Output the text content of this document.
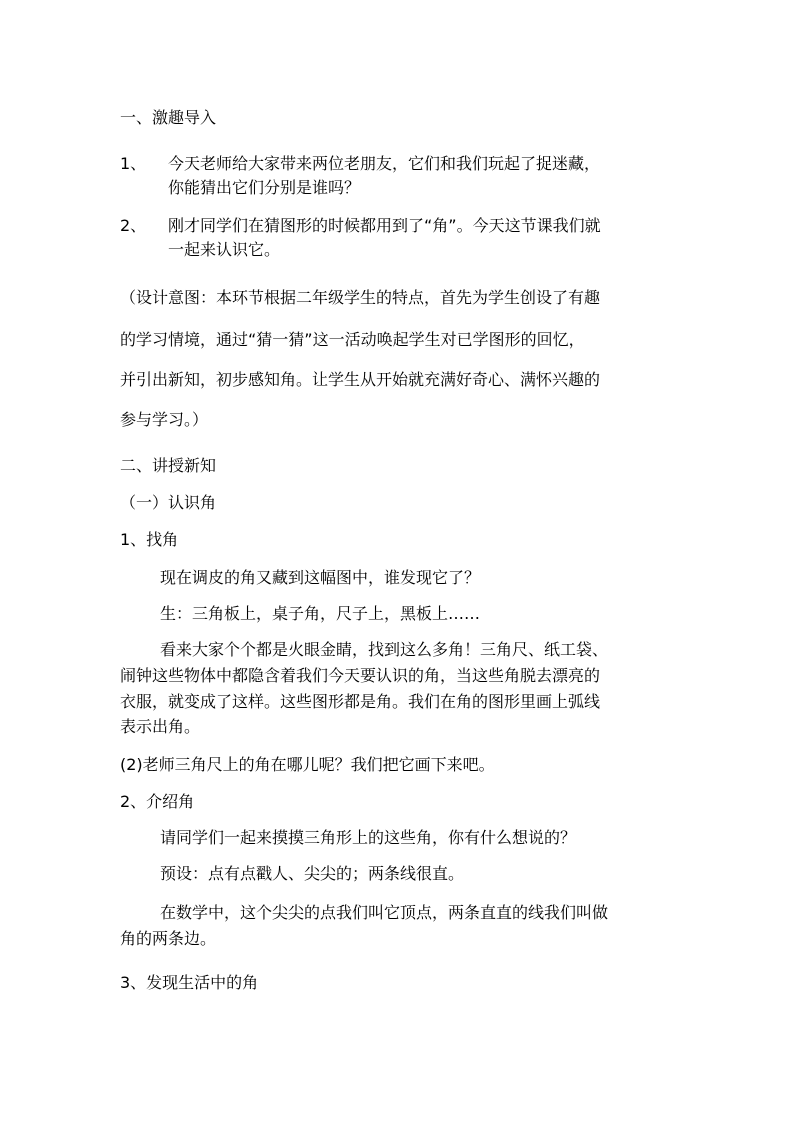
一、激趣导入
1、 今天老师给大家带来两位老朋友，它们和我们玩起了捉迷藏，
你能猜出它们分别是谁吗？
2、 刚才同学们在猜图形的时候都用到了“角”。今天这节课我们就
一起来认识它。
（设计意图：本环节根据二年级学生的特点，首先为学生创设了有趣
的学习情境，通过“猜一猜”这一活动唤起学生对已学图形的回忆，
并引出新知，初步感知角。让学生从开始就充满好奇心、满怀兴趣的
参与学习。）
二、讲授新知
（一）认识角
1、找角
现在调皮的角又藏到这幅图中，谁发现它了？
生：三角板上，桌子角，尺子上，黑板上……
看来大家个个都是火眼金睛，找到这么多角！三角尺、纸工袋、
闹钟这些物体中都隐含着我们今天要认识的角，当这些角脱去漂亮的
衣服，就变成了这样。这些图形都是角。我们在角的图形里画上弧线
表示出角。
(2)老师三角尺上的角在哪儿呢？我们把它画下来吧。
2、介绍角
请同学们一起来摸摸三角形上的这些角，你有什么想说的？
预设：点有点戳人、尖尖的；两条线很直。
在数学中，这个尖尖的点我们叫它顶点，两条直直的线我们叫做
角的两条边。
3、发现生活中的角
